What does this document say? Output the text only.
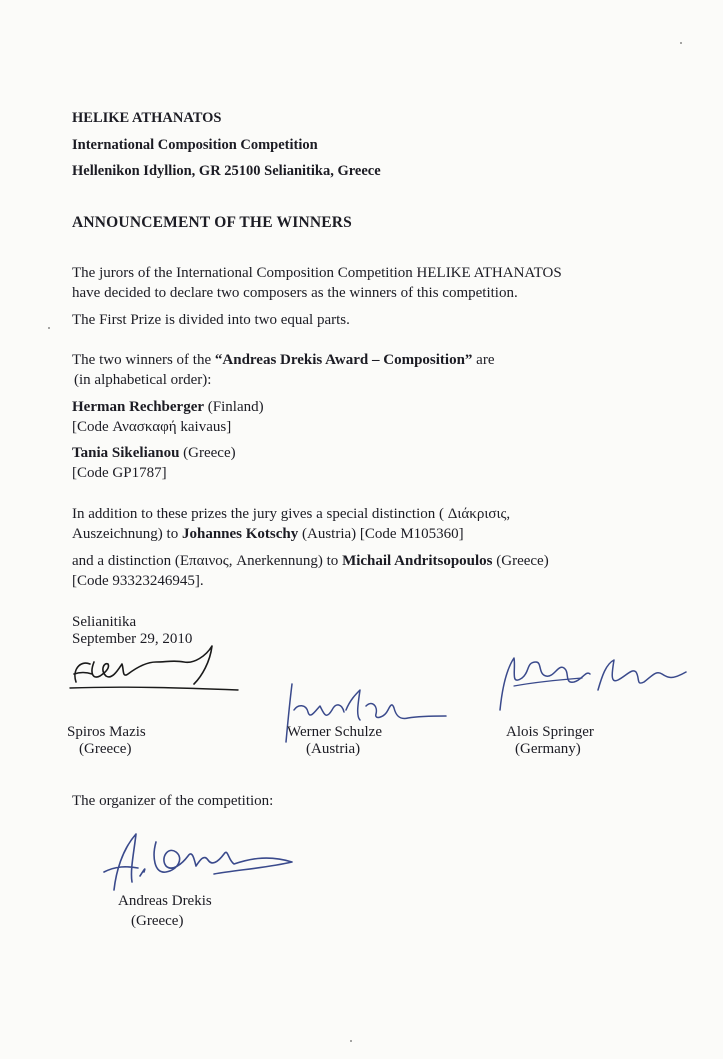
HELIKE ATHANATOS
International Composition Competition
Hellenikon Idyllion, GR 25100 Selianitika, Greece
ANNOUNCEMENT OF THE WINNERS
The jurors of the International Composition Competition HELIKE ATHANATOS
have decided to declare two composers as the winners of this competition.
The First Prize is divided into two equal parts.
The two winners of the “Andreas Drekis Award – Composition” are
(in alphabetical order):
Herman Rechberger (Finland)
[Code Ανασκαφή kaivaus]
Tania Sikelianou (Greece)
[Code GP1787]
In addition to these prizes the jury gives a special distinction ( Διάκρισις,
Auszeichnung) to Johannes Kotschy (Austria) [Code M105360]
and a distinction (Επαινος, Anerkennung) to Michail Andritsopoulos (Greece)
[Code 93323246945].
Selianitika
September 29, 2010
Spiros Mazis
(Greece)
Werner Schulze
(Austria)
Alois Springer
(Germany)
The organizer of the competition:
Andreas Drekis
(Greece)
